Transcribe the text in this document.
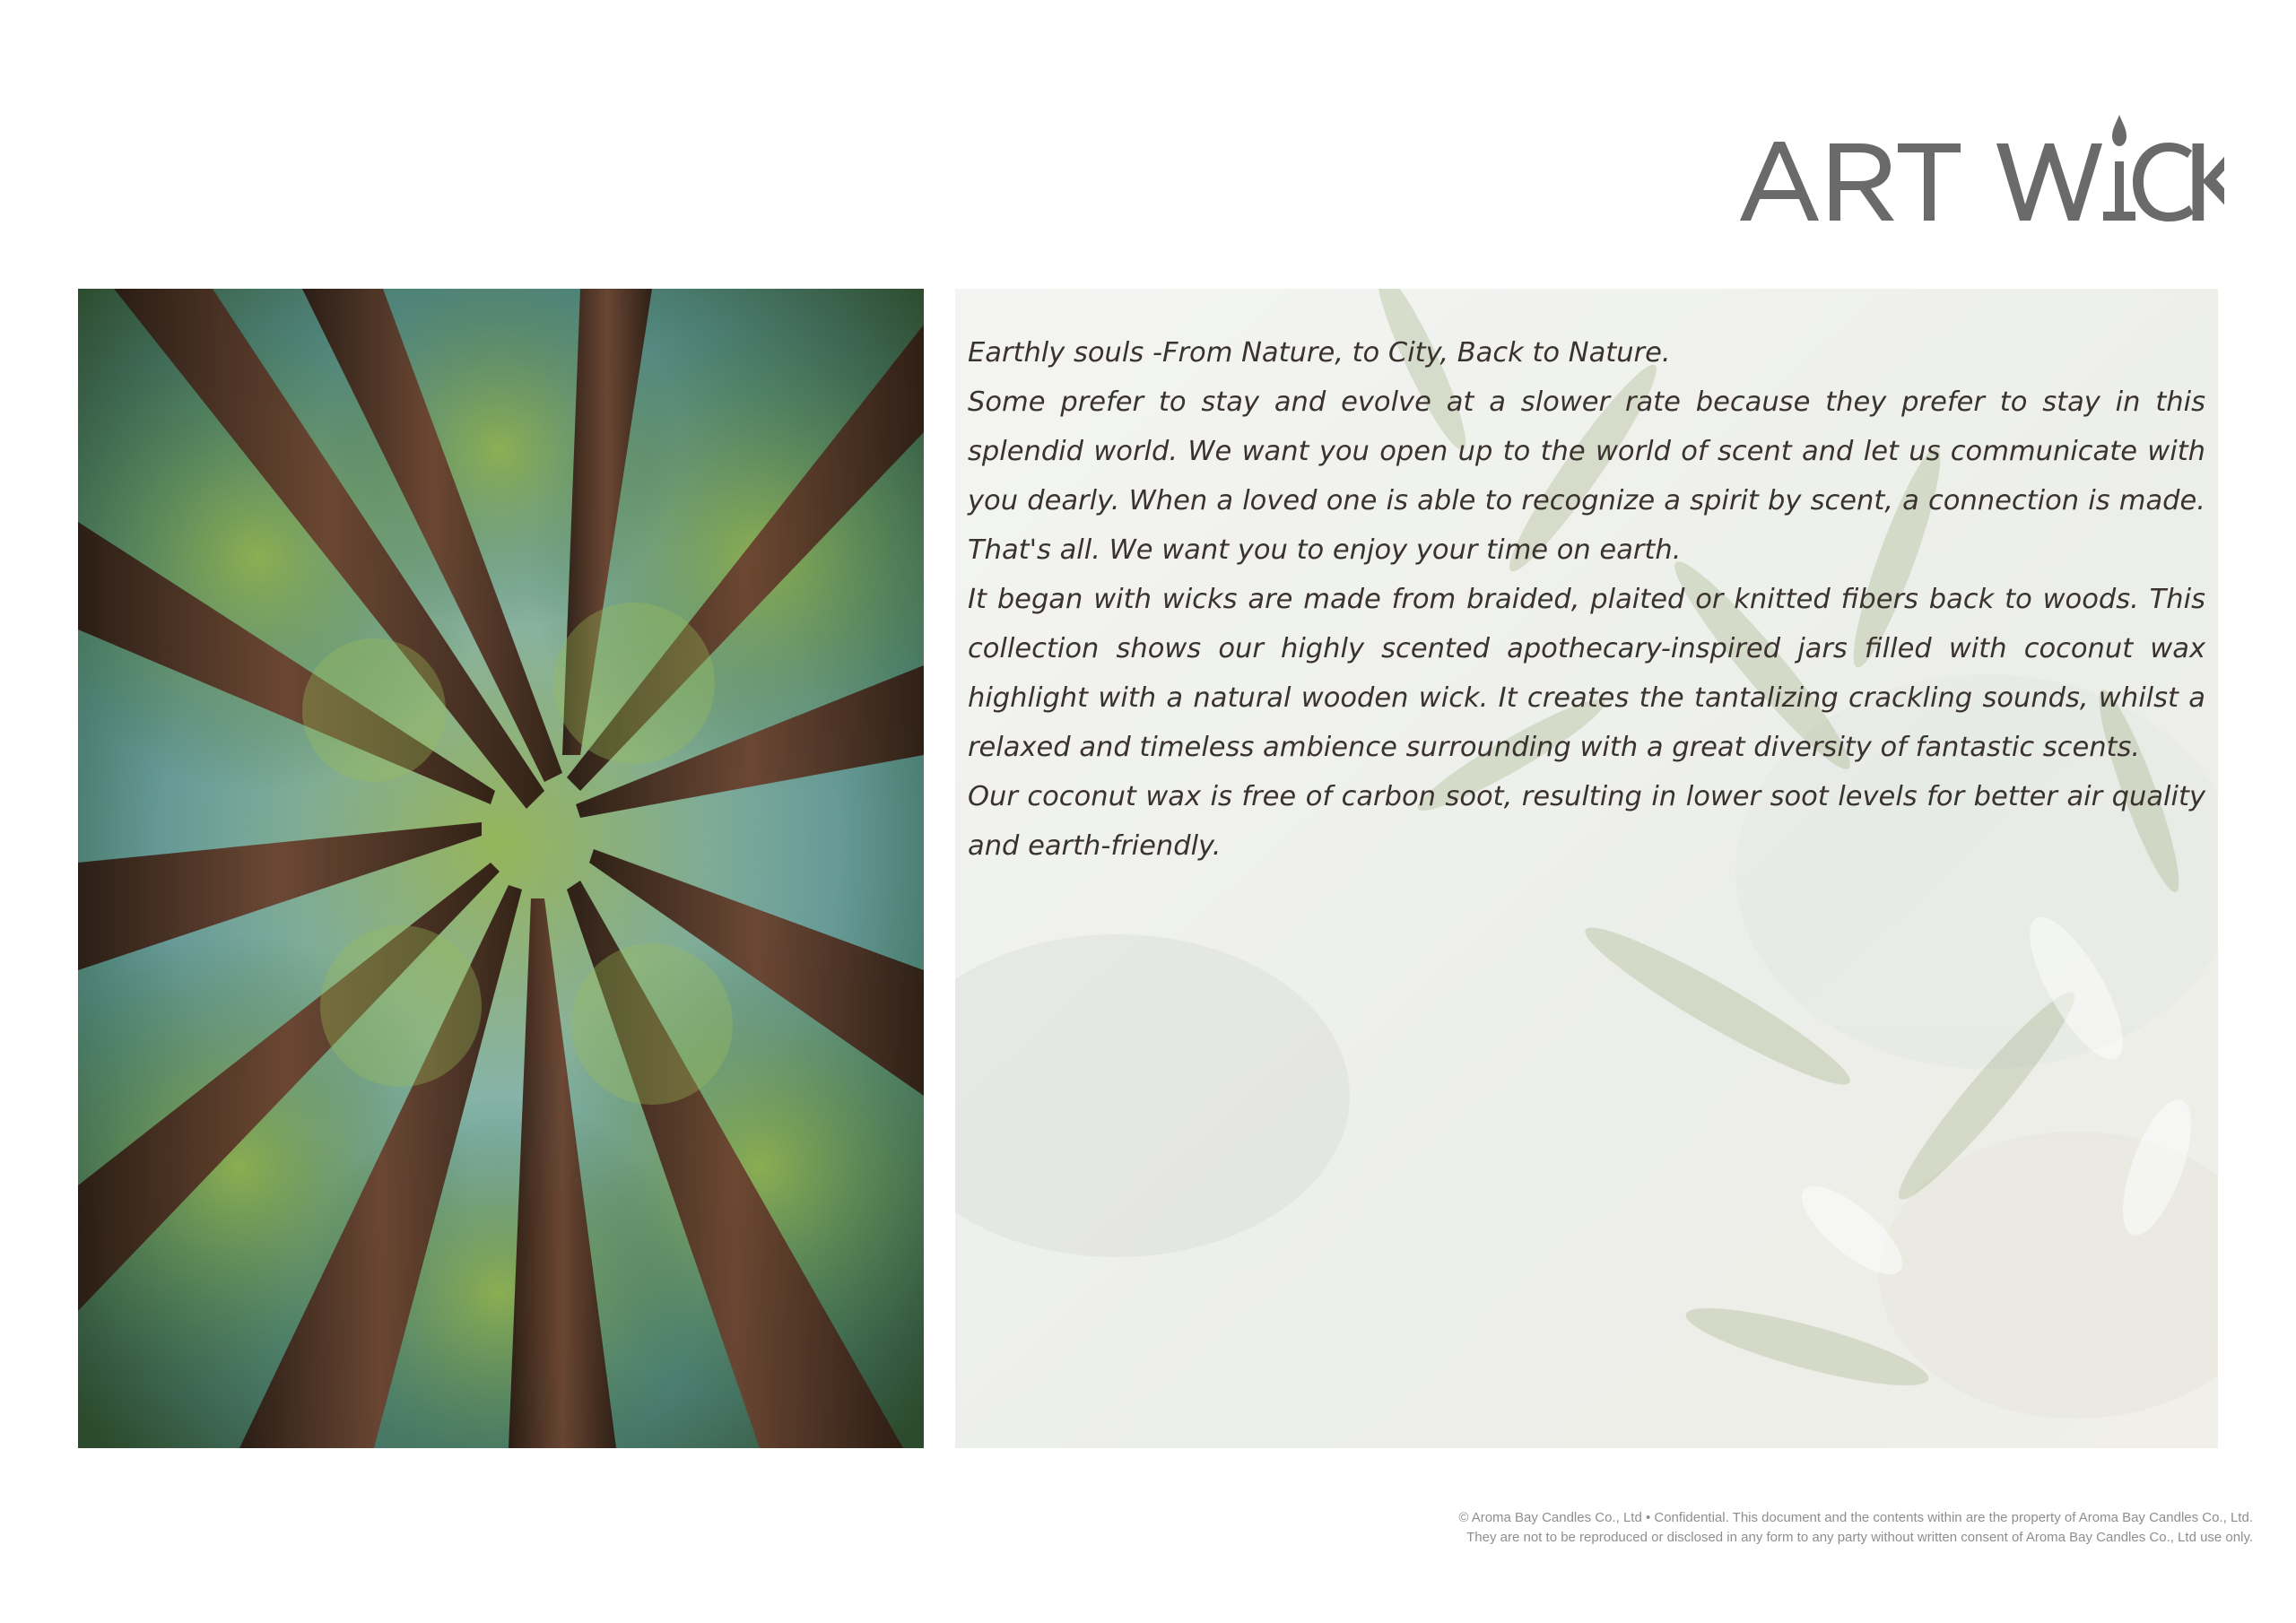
Earthly souls -From Nature, to City, Back to Nature.

Some prefer to stay and evolve at a slower rate because they prefer to stay in this splendid world. We want you open up to the world of scent and let us communicate with you dearly. When a loved one is able to recognize a spirit by scent, a connection is made. That's all. We want you to enjoy your time on earth.

It began with wicks are made from braided, plaited or knitted fibers back to woods. This collection shows our highly scented apothecary-inspired jars filled with coconut wax highlight with a natural wooden wick. It creates the tantalizing crackling sounds, whilst a relaxed and timeless ambience surrounding with a great diversity of fantastic scents.

Our coconut wax is free of carbon soot, resulting in lower soot levels for better air quality and earth-friendly.

© Aroma Bay Candles Co., Ltd • Confidential. This document and the contents within are the property of Aroma Bay Candles Co., Ltd.
They are not to be reproduced or disclosed in any form to any party without written consent of Aroma Bay Candles Co., Ltd use only.
